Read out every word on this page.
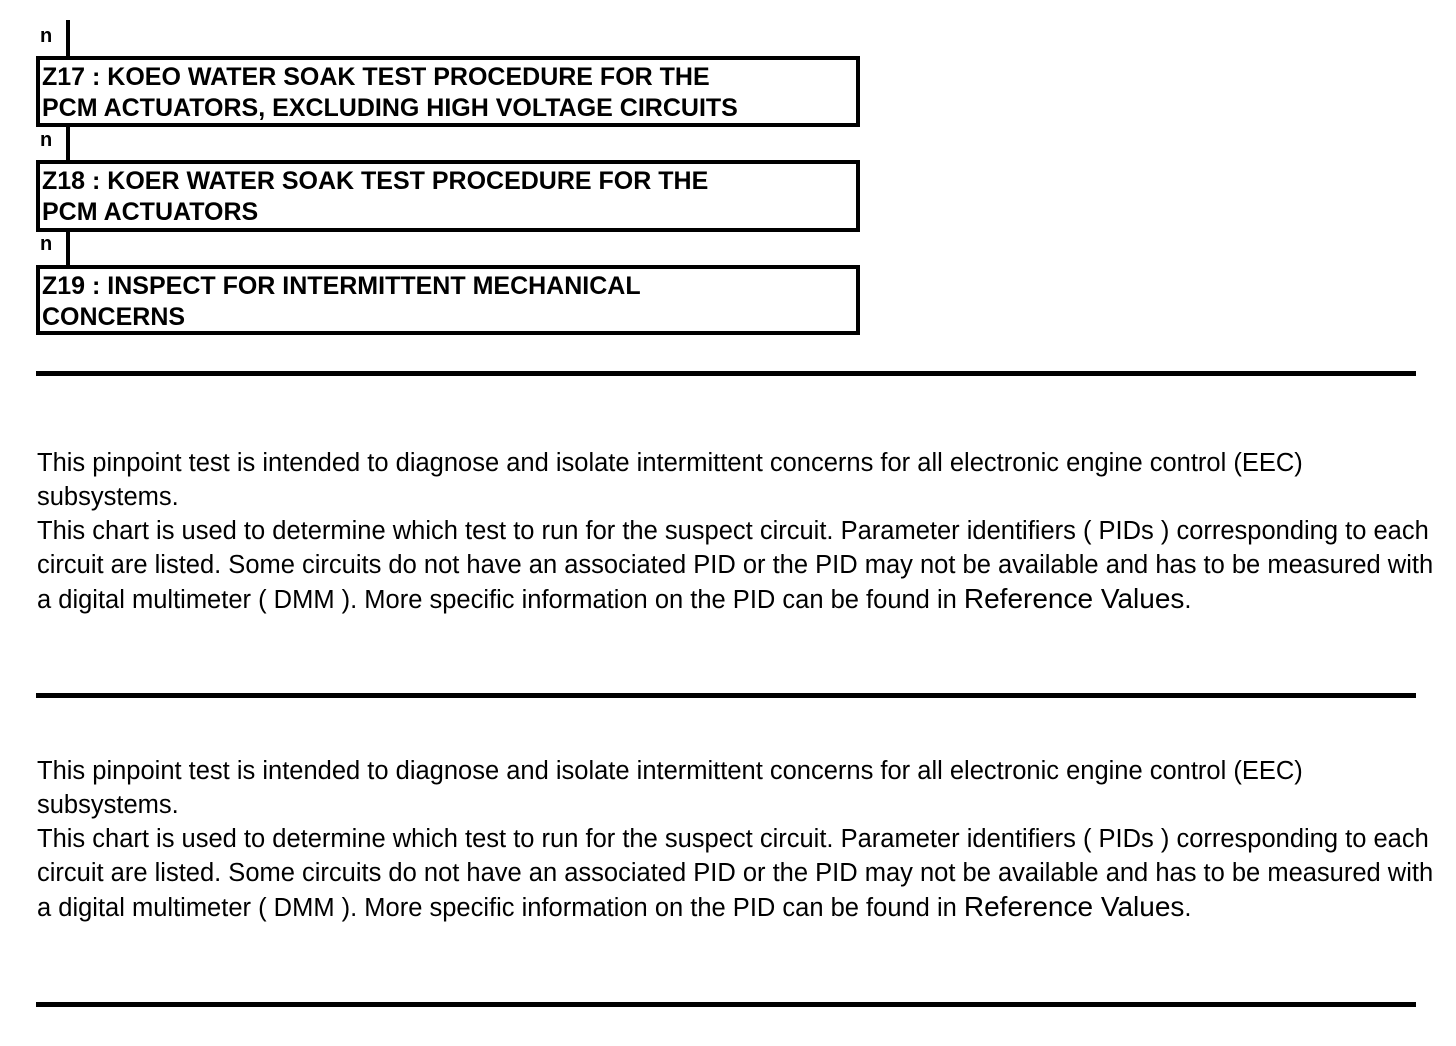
n
Z17 : KOEO WATER SOAK TEST PROCEDURE FOR THE
PCM ACTUATORS, EXCLUDING HIGH VOLTAGE CIRCUITS
n
Z18 : KOER WATER SOAK TEST PROCEDURE FOR THE
PCM ACTUATORS
n
Z19 : INSPECT FOR INTERMITTENT MECHANICAL
CONCERNS

This pinpoint test is intended to diagnose and isolate intermittent concerns for all electronic engine control (EEC) subsystems.

This chart is used to determine which test to run for the suspect circuit. Parameter identifiers ( PIDs ) corresponding to each circuit are listed. Some circuits do not have an associated PID or the PID may not be available and has to be measured with a digital multimeter ( DMM ). More specific information on the PID can be found in Reference Values.

This pinpoint test is intended to diagnose and isolate intermittent concerns for all electronic engine control (EEC) subsystems.

This chart is used to determine which test to run for the suspect circuit. Parameter identifiers ( PIDs ) corresponding to each circuit are listed. Some circuits do not have an associated PID or the PID may not be available and has to be measured with a digital multimeter ( DMM ). More specific information on the PID can be found in Reference Values.
